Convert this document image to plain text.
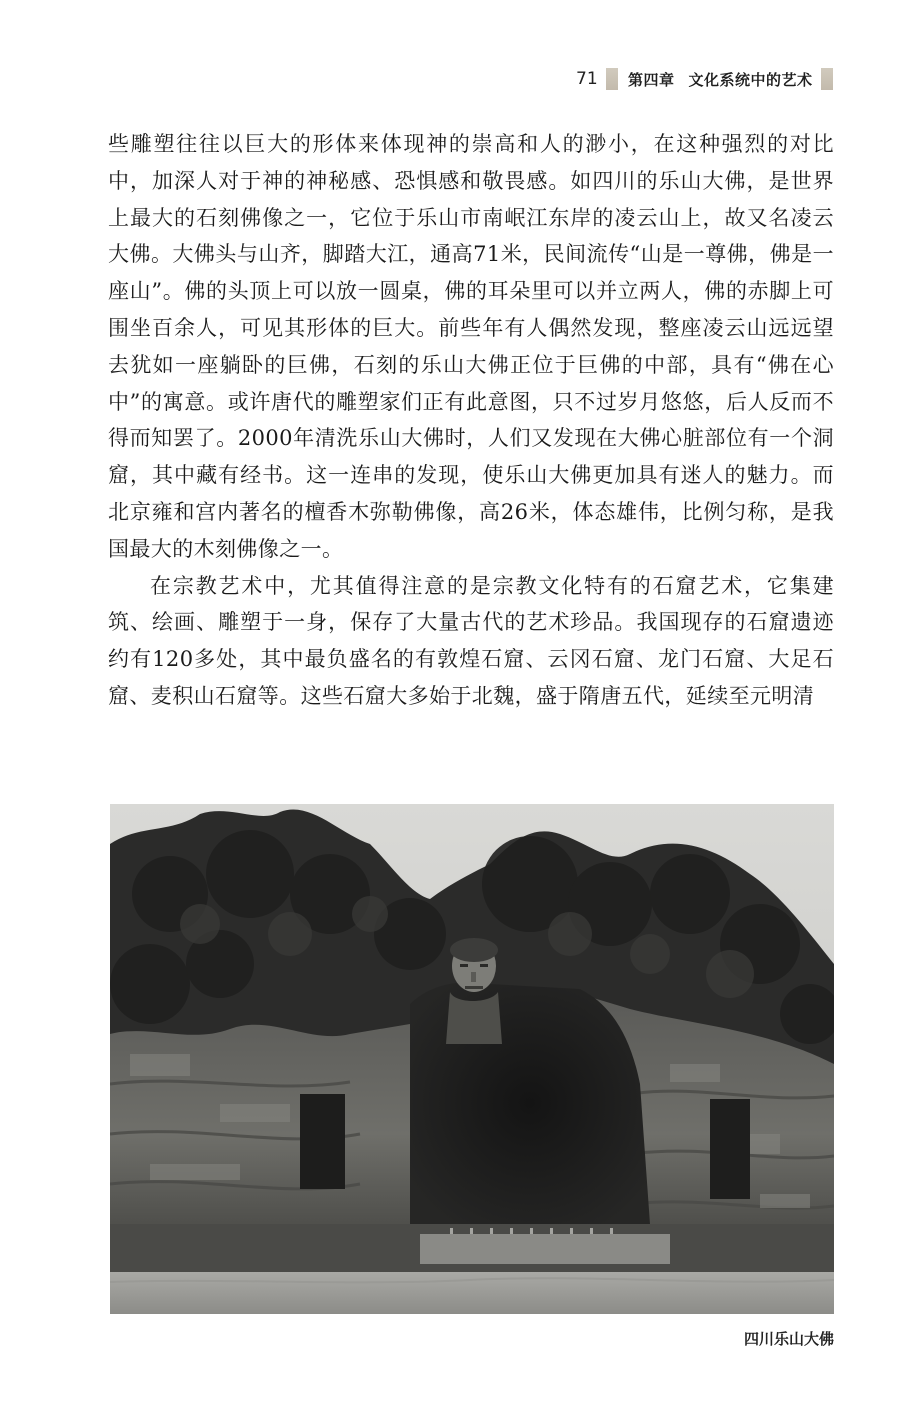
71	第四章 文化系统中的艺术

些雕塑往往以巨大的形体来体现神的崇高和人的渺小，在这种强烈的对比中，加深人对于神的神秘感、恐惧感和敬畏感。如四川的乐山大佛，是世界上最大的石刻佛像之一，它位于乐山市南岷江东岸的凌云山上，故又名凌云大佛。大佛头与山齐，脚踏大江，通高71米，民间流传“山是一尊佛，佛是一座山”。佛的头顶上可以放一圆桌，佛的耳朵里可以并立两人，佛的赤脚上可围坐百余人，可见其形体的巨大。前些年有人偶然发现，整座凌云山远远望去犹如一座躺卧的巨佛，石刻的乐山大佛正位于巨佛的中部，具有“佛在心中”的寓意。或许唐代的雕塑家们正有此意图，只不过岁月悠悠，后人反而不得而知罢了。2000年清洗乐山大佛时，人们又发现在大佛心脏部位有一个洞窟，其中藏有经书。这一连串的发现，使乐山大佛更加具有迷人的魅力。而北京雍和宫内著名的檀香木弥勒佛像，高26米，体态雄伟，比例匀称，是我国最大的木刻佛像之一。

在宗教艺术中，尤其值得注意的是宗教文化特有的石窟艺术，它集建筑、绘画、雕塑于一身，保存了大量古代的艺术珍品。我国现存的石窟遗迹约有120多处，其中最负盛名的有敦煌石窟、云冈石窟、龙门石窟、大足石窟、麦积山石窟等。这些石窟大多始于北魏，盛于隋唐五代，延续至元明清

四川乐山大佛
